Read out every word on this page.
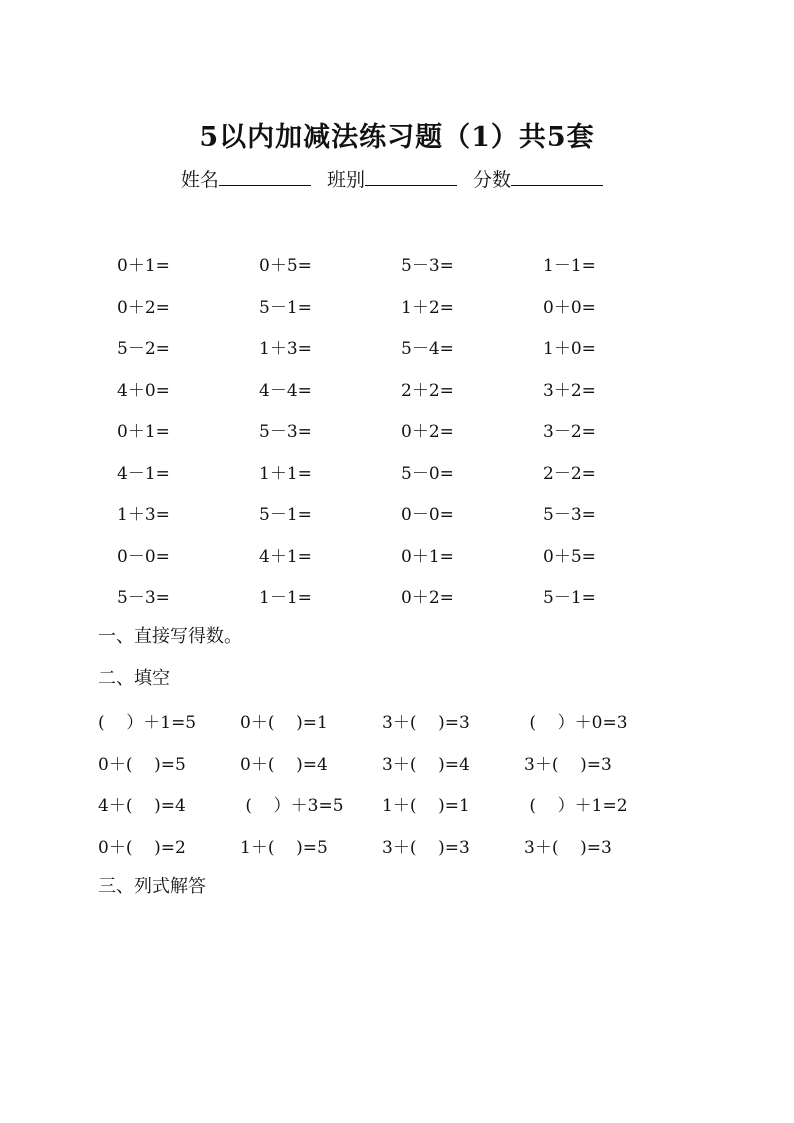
5以内加减法练习题（1）共5套
姓名	班别	分数
0＋1=	0＋5=	5－3=	1－1=
0＋2=	5－1=	1＋2=	0＋0=
5－2=	1＋3=	5－4=	1＋0=
4＋0=	4－4=	2＋2=	3＋2=
0＋1=	5－3=	0＋2=	3－2=
4－1=	1＋1=	5－0=	2－2=
1＋3=	5－1=	0－0=	5－3=
0－0=	4＋1=	0＋1=	0＋5=
5－3=	1－1=	0＋2=	5－1=
一、直接写得数。
二、填空
(    ）＋1=5	0＋(    )=1	3＋(    )=3	(    ）＋0=3
0＋(    )=5	0＋(    )=4	3＋(    )=4	3＋(    )=3
4＋(    )=4	(    ）＋3=5	1＋(    )=1	(    ）＋1=2
0＋(    )=2	1＋(    )=5	3＋(    )=3	3＋(    )=3
三、列式解答
